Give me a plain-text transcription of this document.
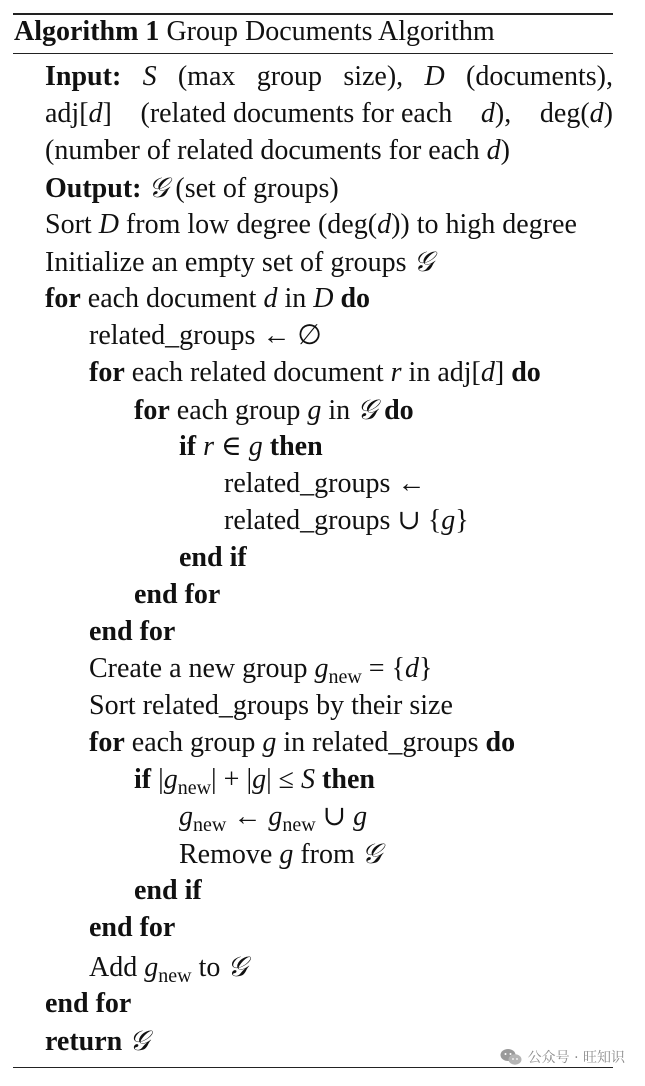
Algorithm 1 Group Documents Algorithm
Input: S (max group size), D (documents),
adj[d] (related documents for each d), deg(d)
(number of related documents for each d)
Output: 𝒢 (set of groups)
Sort D from low degree (deg(d)) to high degree
Initialize an empty set of groups 𝒢
for each document d in D do
related_groups ← ∅
for each related document r in adj[d] do
for each group g in 𝒢 do
if r ∈ g then
related_groups ←
related_groups ∪ {g}
end if
end for
end for
Create a new group $g_{new} = \{d\}$
Sort related_groups by their size
for each group g in related_groups do
if $|g_{new}| + |g| \le S$ then
$g_{new}$ ← $g_{new}$ ∪ g
Remove g from 𝒢
end if
end for
Add $g_{new}$ to 𝒢
end for
return 𝒢
公众号 · 旺知识
